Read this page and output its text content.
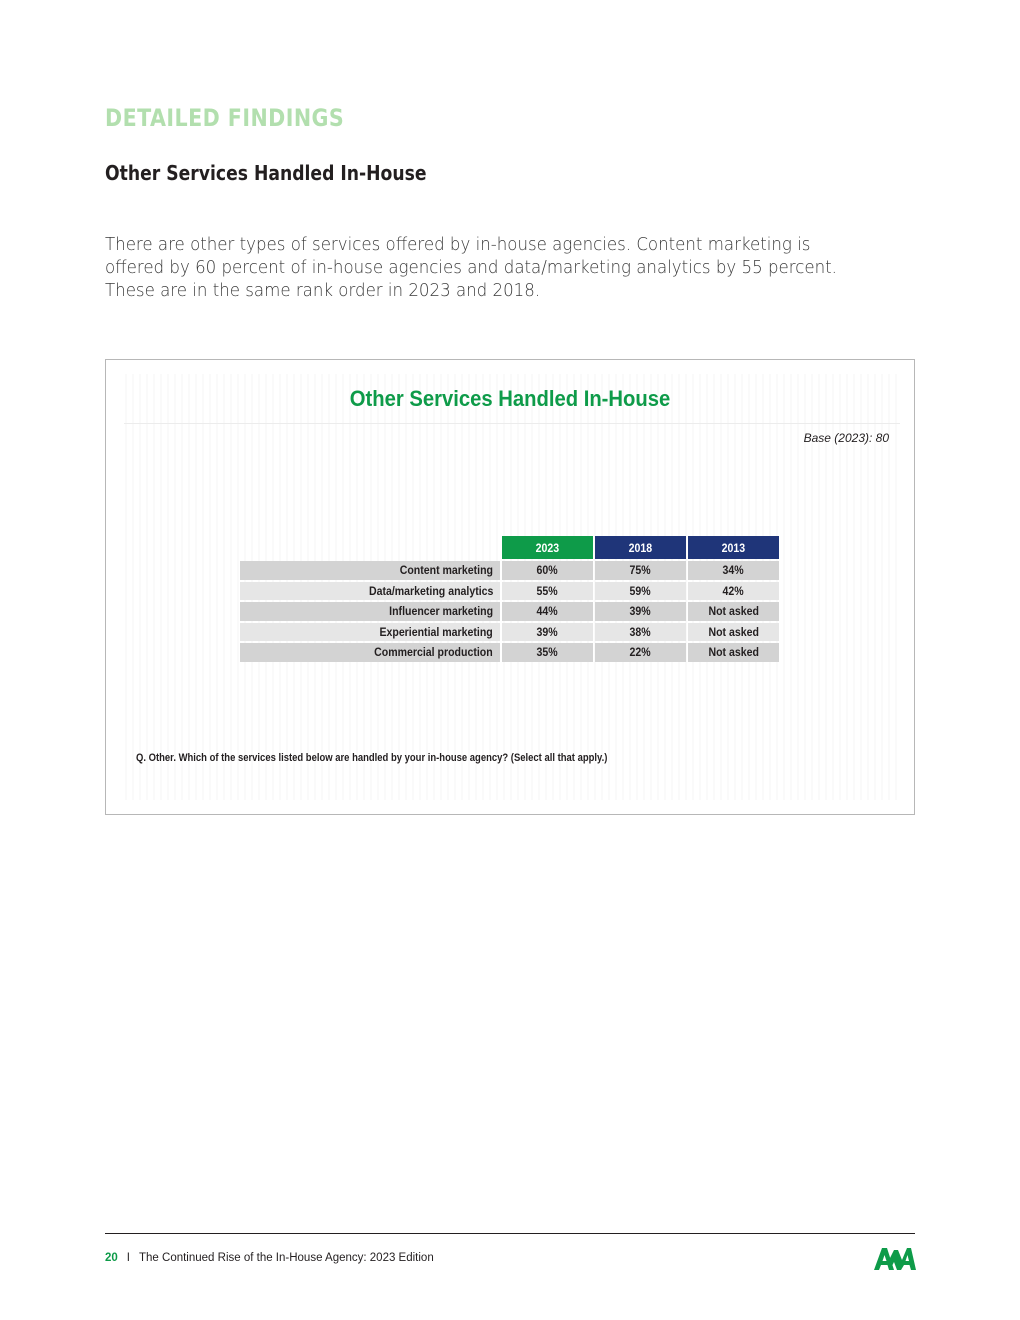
DETAILED FINDINGS
Other Services Handled In-House

There are other types of services offered by in-house agencies. Content marketing is offered by 60 percent of in-house agencies and data/marketing analytics by 55 percent. These are in the same rank order in 2023 and 2018.

Other Services Handled In-House
Base (2023): 80
	2023	2018	2013
Content marketing	60%	75%	34%
Data/marketing analytics	55%	59%	42%
Influencer marketing	44%	39%	Not asked
Experiential marketing	39%	38%	Not asked
Commercial production	35%	22%	Not asked
Q. Other. Which of the services listed below are handled by your in-house agency? (Select all that apply.)
20 I The Continued Rise of the In-House Agency: 2023 Edition
